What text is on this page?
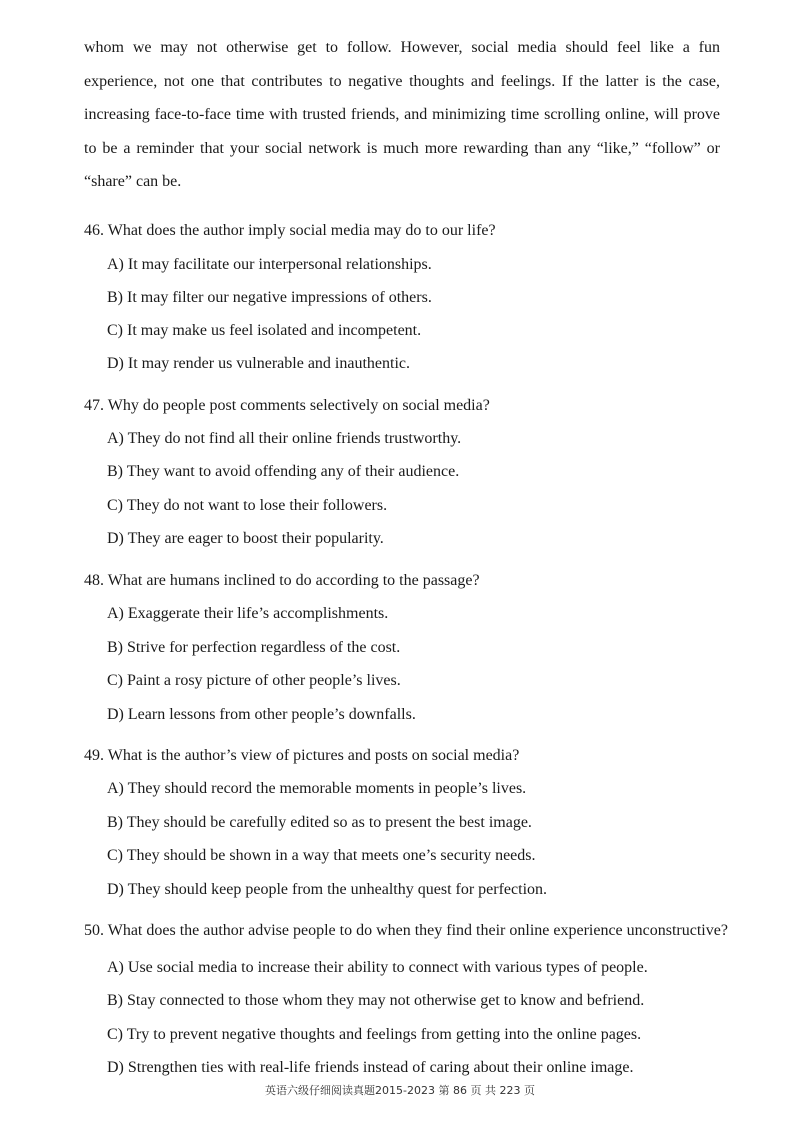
whom we may not otherwise get to follow. However, social media should feel like a fun
experience, not one that contributes to negative thoughts and feelings. If the latter is the case,
increasing face-to-face time with trusted friends, and minimizing time scrolling online, will prove
to be a reminder that your social network is much more rewarding than any “like,” “follow” or
“share” can be.
46. What does the author imply social media may do to our life?
A) It may facilitate our interpersonal relationships.
B) It may filter our negative impressions of others.
C) It may make us feel isolated and incompetent.
D) It may render us vulnerable and inauthentic.
47. Why do people post comments selectively on social media?
A) They do not find all their online friends trustworthy.
B) They want to avoid offending any of their audience.
C) They do not want to lose their followers.
D) They are eager to boost their popularity.
48. What are humans inclined to do according to the passage?
A) Exaggerate their life’s accomplishments.
B) Strive for perfection regardless of the cost.
C) Paint a rosy picture of other people’s lives.
D) Learn lessons from other people’s downfalls.
49. What is the author’s view of pictures and posts on social media?
A) They should record the memorable moments in people’s lives.
B) They should be carefully edited so as to present the best image.
C) They should be shown in a way that meets one’s security needs.
D) They should keep people from the unhealthy quest for perfection.
50. What does the author advise people to do when they find their online experience unconstructive?
A) Use social media to increase their ability to connect with various types of people.
B) Stay connected to those whom they may not otherwise get to know and befriend.
C) Try to prevent negative thoughts and feelings from getting into the online pages.
D) Strengthen ties with real-life friends instead of caring about their online image.
英语六级仔细阅读真题2015-2023 第 86 页 共 223 页
